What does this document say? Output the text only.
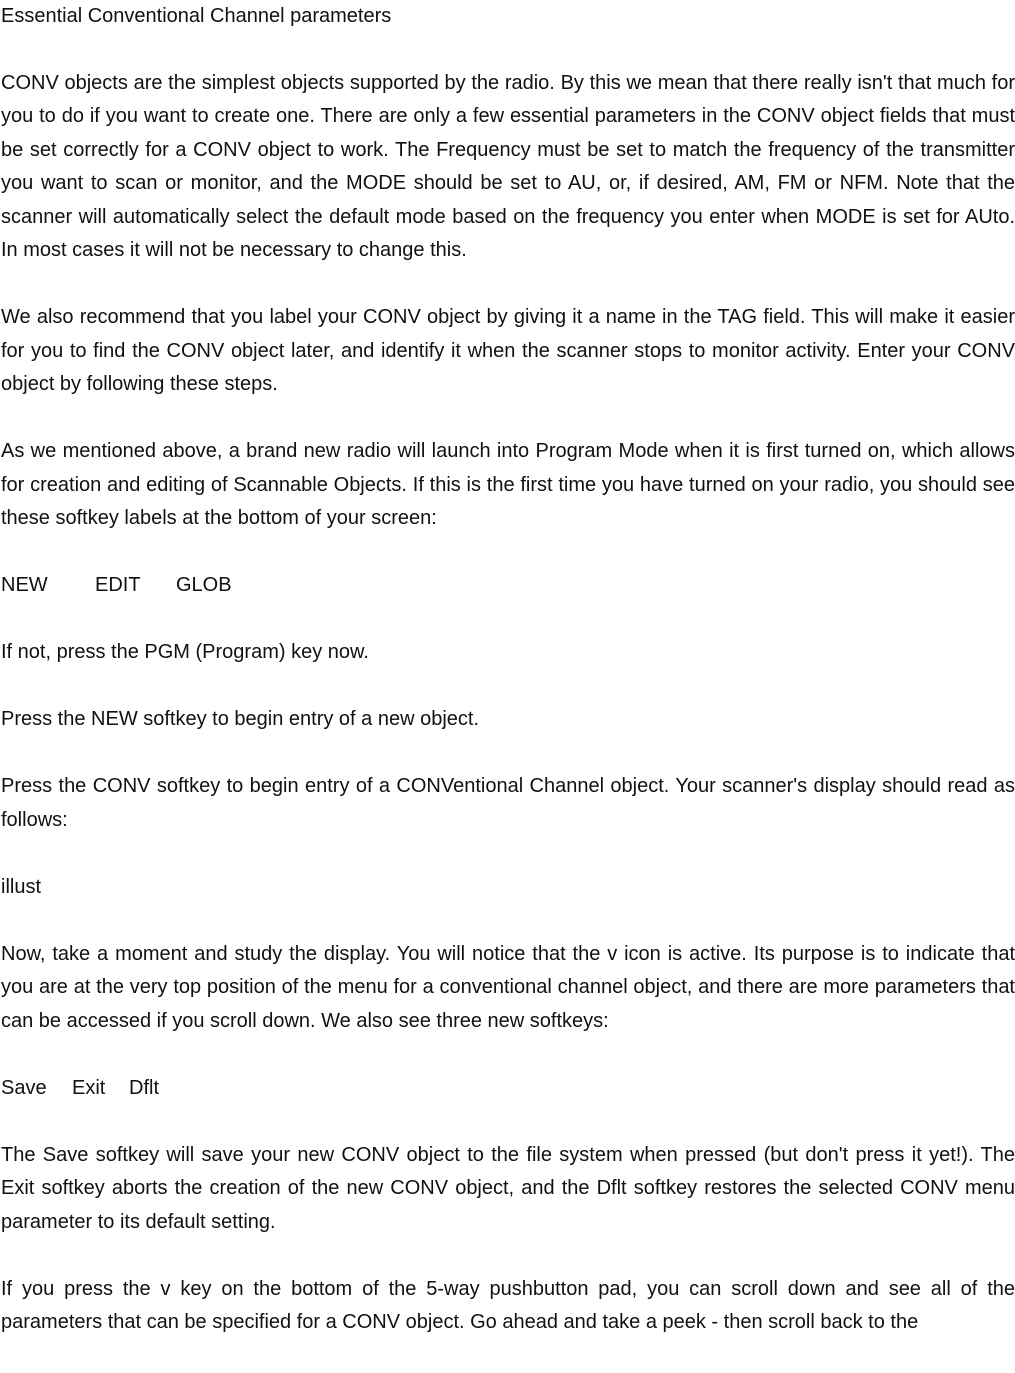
Essential Conventional Channel parameters

CONV objects are the simplest objects supported by the radio. By this we mean that there really isn't that much for you to do if you want to create one. There are only a few essential parameters in the CONV object fields that must be set correctly for a CONV object to work. The Frequency must be set to match the frequency of the transmitter you want to scan or monitor, and the MODE should be set to AU, or, if desired, AM, FM or NFM. Note that the scanner will automatically select the default mode based on the frequency you enter when MODE is set for AUto. In most cases it will not be necessary to change this.

We also recommend that you label your CONV object by giving it a name in the TAG field. This will make it easier for you to find the CONV object later, and identify it when the scanner stops to monitor activity. Enter your CONV object by following these steps.

As we mentioned above, a brand new radio will launch into Program Mode when it is first turned on, which allows for creation and editing of Scannable Objects. If this is the first time you have turned on your radio, you should see these softkey labels at the bottom of your screen:

NEW EDIT GLOB

If not, press the PGM (Program) key now.

Press the NEW softkey to begin entry of a new object.

Press the CONV softkey to begin entry of a CONVentional Channel object. Your scanner's display should read as follows:

illust

Now, take a moment and study the display. You will notice that the v icon is active. Its purpose is to indicate that you are at the very top position of the menu for a conventional channel object, and there are more parameters that can be accessed if you scroll down. We also see three new softkeys:

Save Exit Dflt

The Save softkey will save your new CONV object to the file system when pressed (but don't press it yet!). The Exit softkey aborts the creation of the new CONV object, and the Dflt softkey restores the selected CONV menu parameter to its default setting.

If you press the v key on the bottom of the 5-way pushbutton pad, you can scroll down and see all of the parameters that can be specified for a CONV object. Go ahead and take a peek - then scroll back to the
